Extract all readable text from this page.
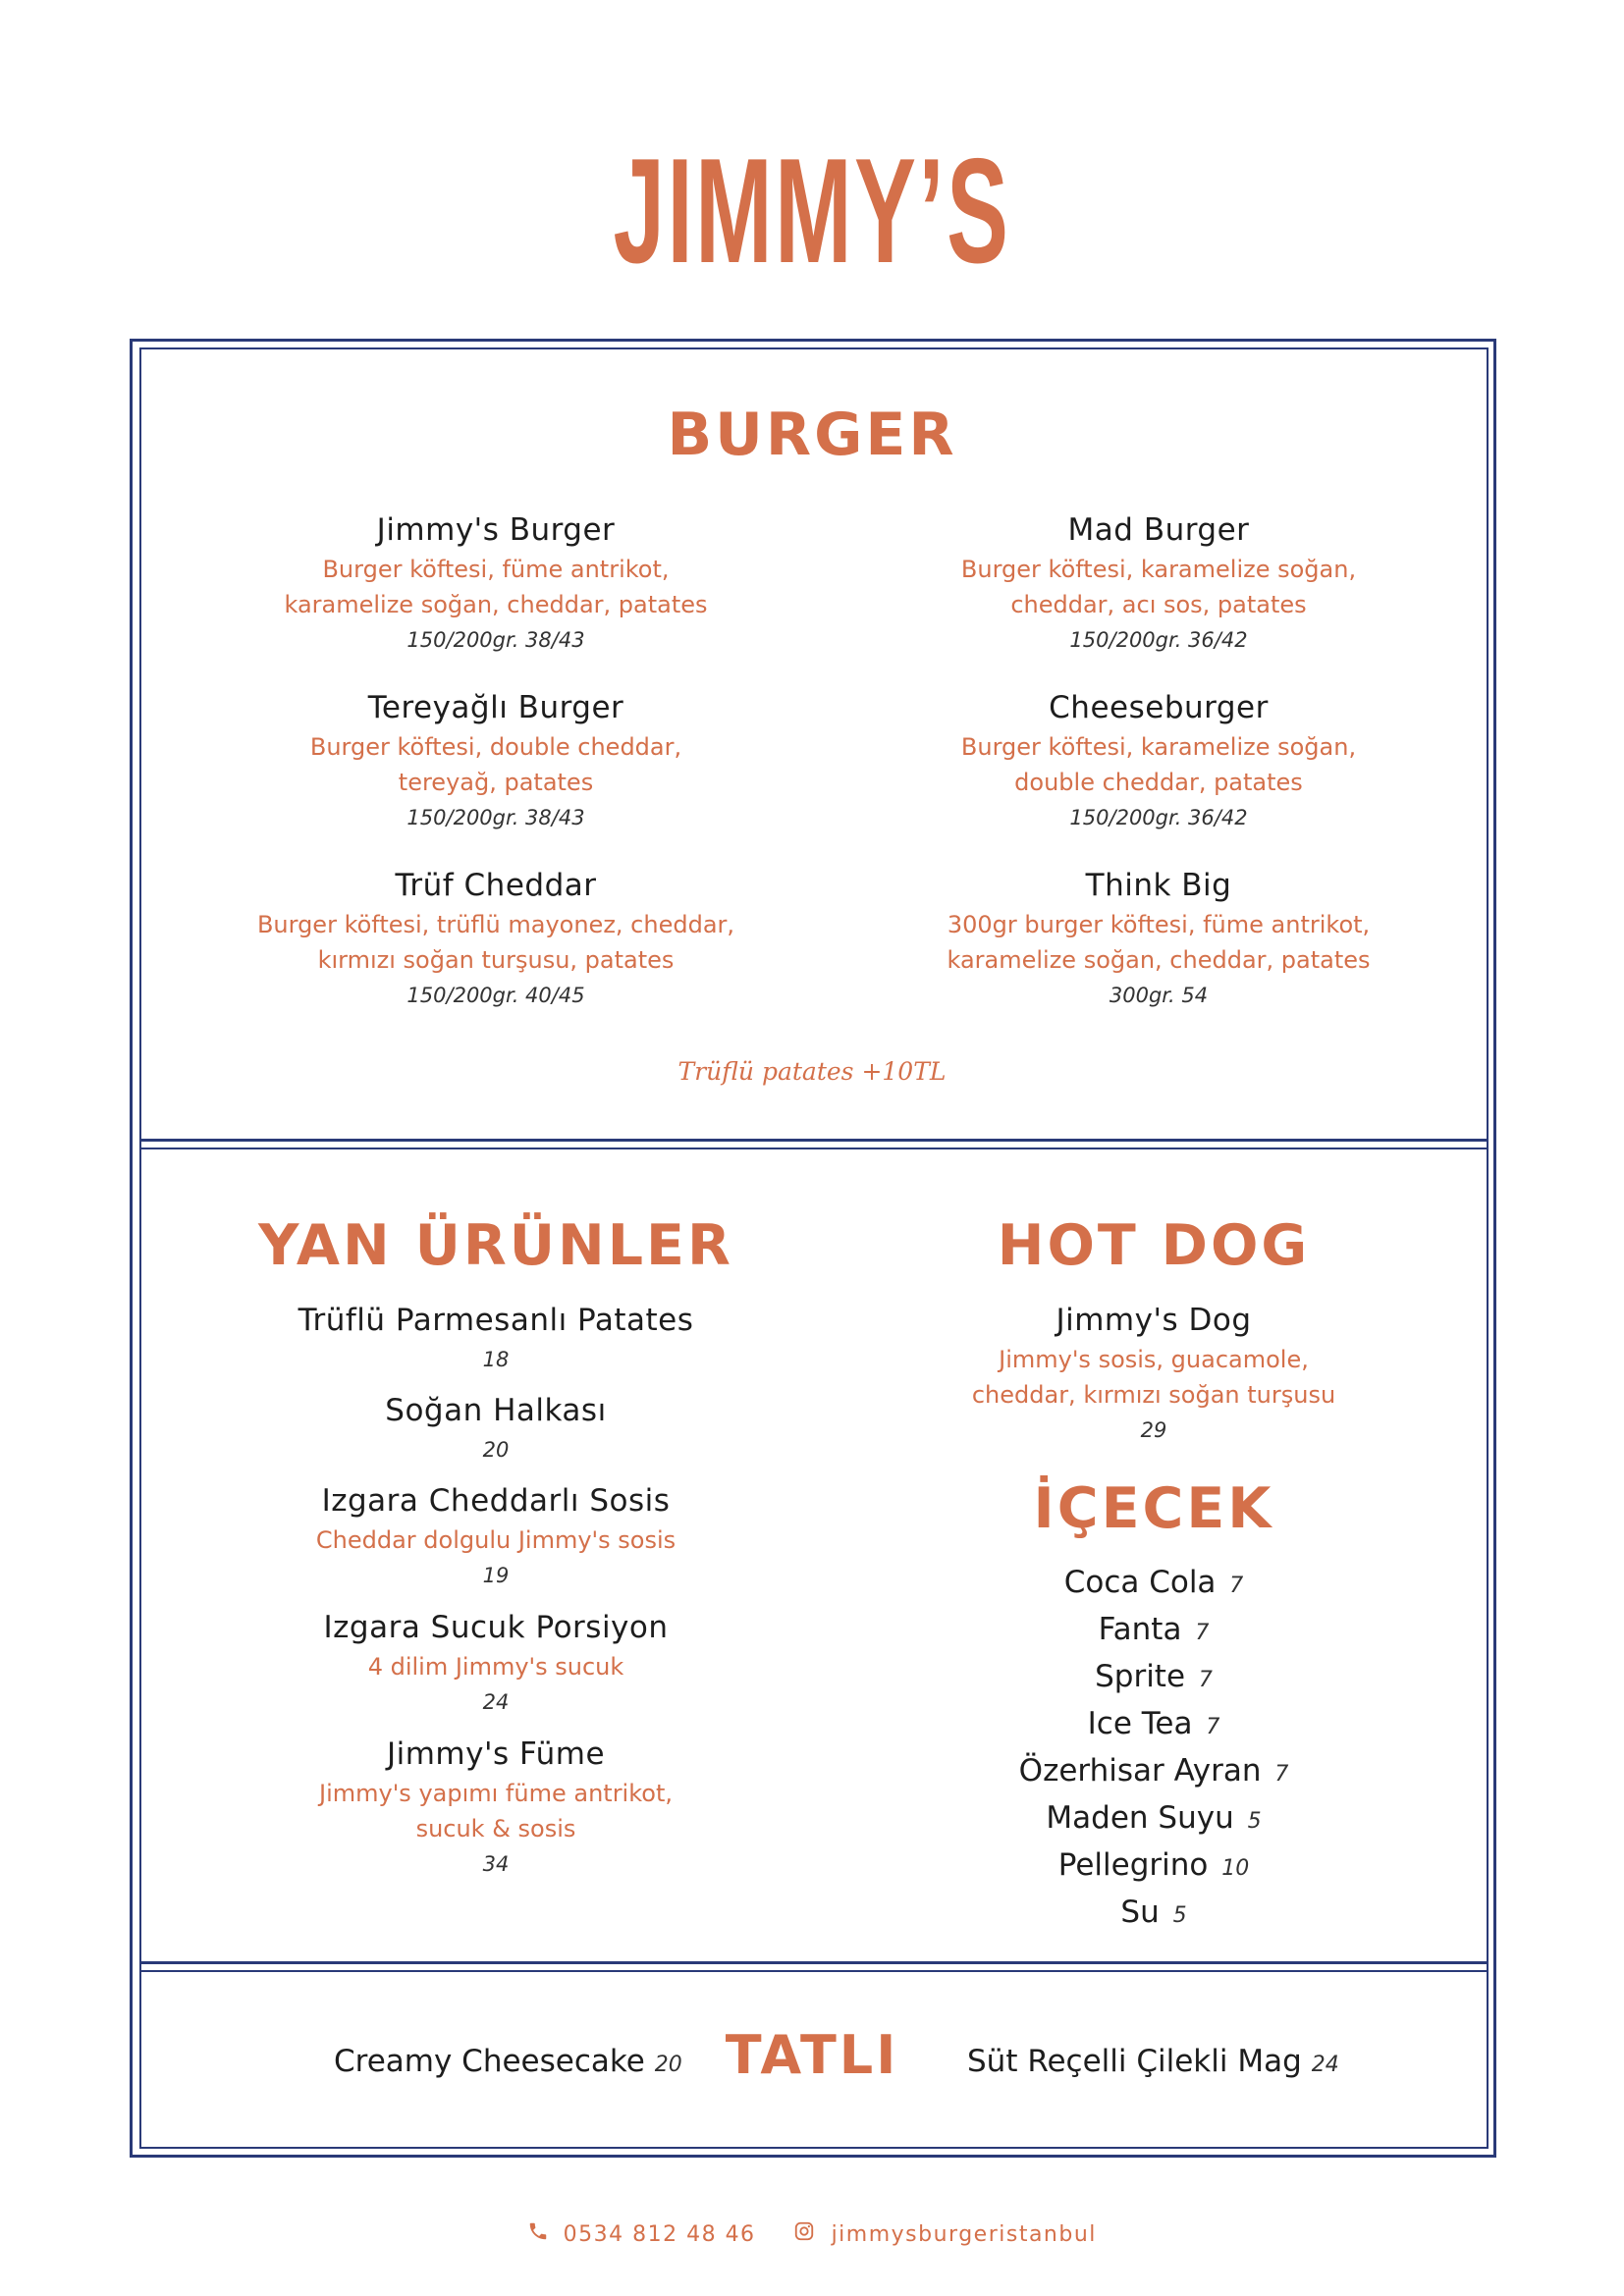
JIMMY’S
BURGER
Jimmy's Burger
Burger köftesi, füme antrikot,
karamelize soğan, cheddar, patates
150/200gr. 38/43
Mad Burger
Burger köftesi, karamelize soğan,
cheddar, acı sos, patates
150/200gr. 36/42
Tereyağlı Burger
Burger köftesi, double cheddar,
tereyağ, patates
150/200gr. 38/43
Cheeseburger
Burger köftesi, karamelize soğan,
double cheddar, patates
150/200gr. 36/42
Trüf Cheddar
Burger köftesi, trüflü mayonez, cheddar,
kırmızı soğan turşusu, patates
150/200gr. 40/45
Think Big
300gr burger köftesi, füme antrikot,
karamelize soğan, cheddar, patates
300gr. 54
Trüflü patates +10TL
YAN ÜRÜNLER
Trüflü Parmesanlı Patates
18
Soğan Halkası
20
Izgara Cheddarlı Sosis
Cheddar dolgulu Jimmy's sosis
19
Izgara Sucuk Porsiyon
4 dilim Jimmy's sucuk
24
Jimmy's Füme
Jimmy's yapımı füme antrikot,
sucuk & sosis
34
HOT DOG
Jimmy's Dog
Jimmy's sosis, guacamole,
cheddar, kırmızı soğan turşusu
29
İÇECEK
Coca Cola 7
Fanta 7
Sprite 7
Ice Tea 7
Özerhisar Ayran 7
Maden Suyu 5
Pellegrino 10
Su 5
Creamy Cheesecake 20 TATLI	Süt Reçelli Çilekli Mag 24
0534 812 48 46	jimmysburgeristanbul
